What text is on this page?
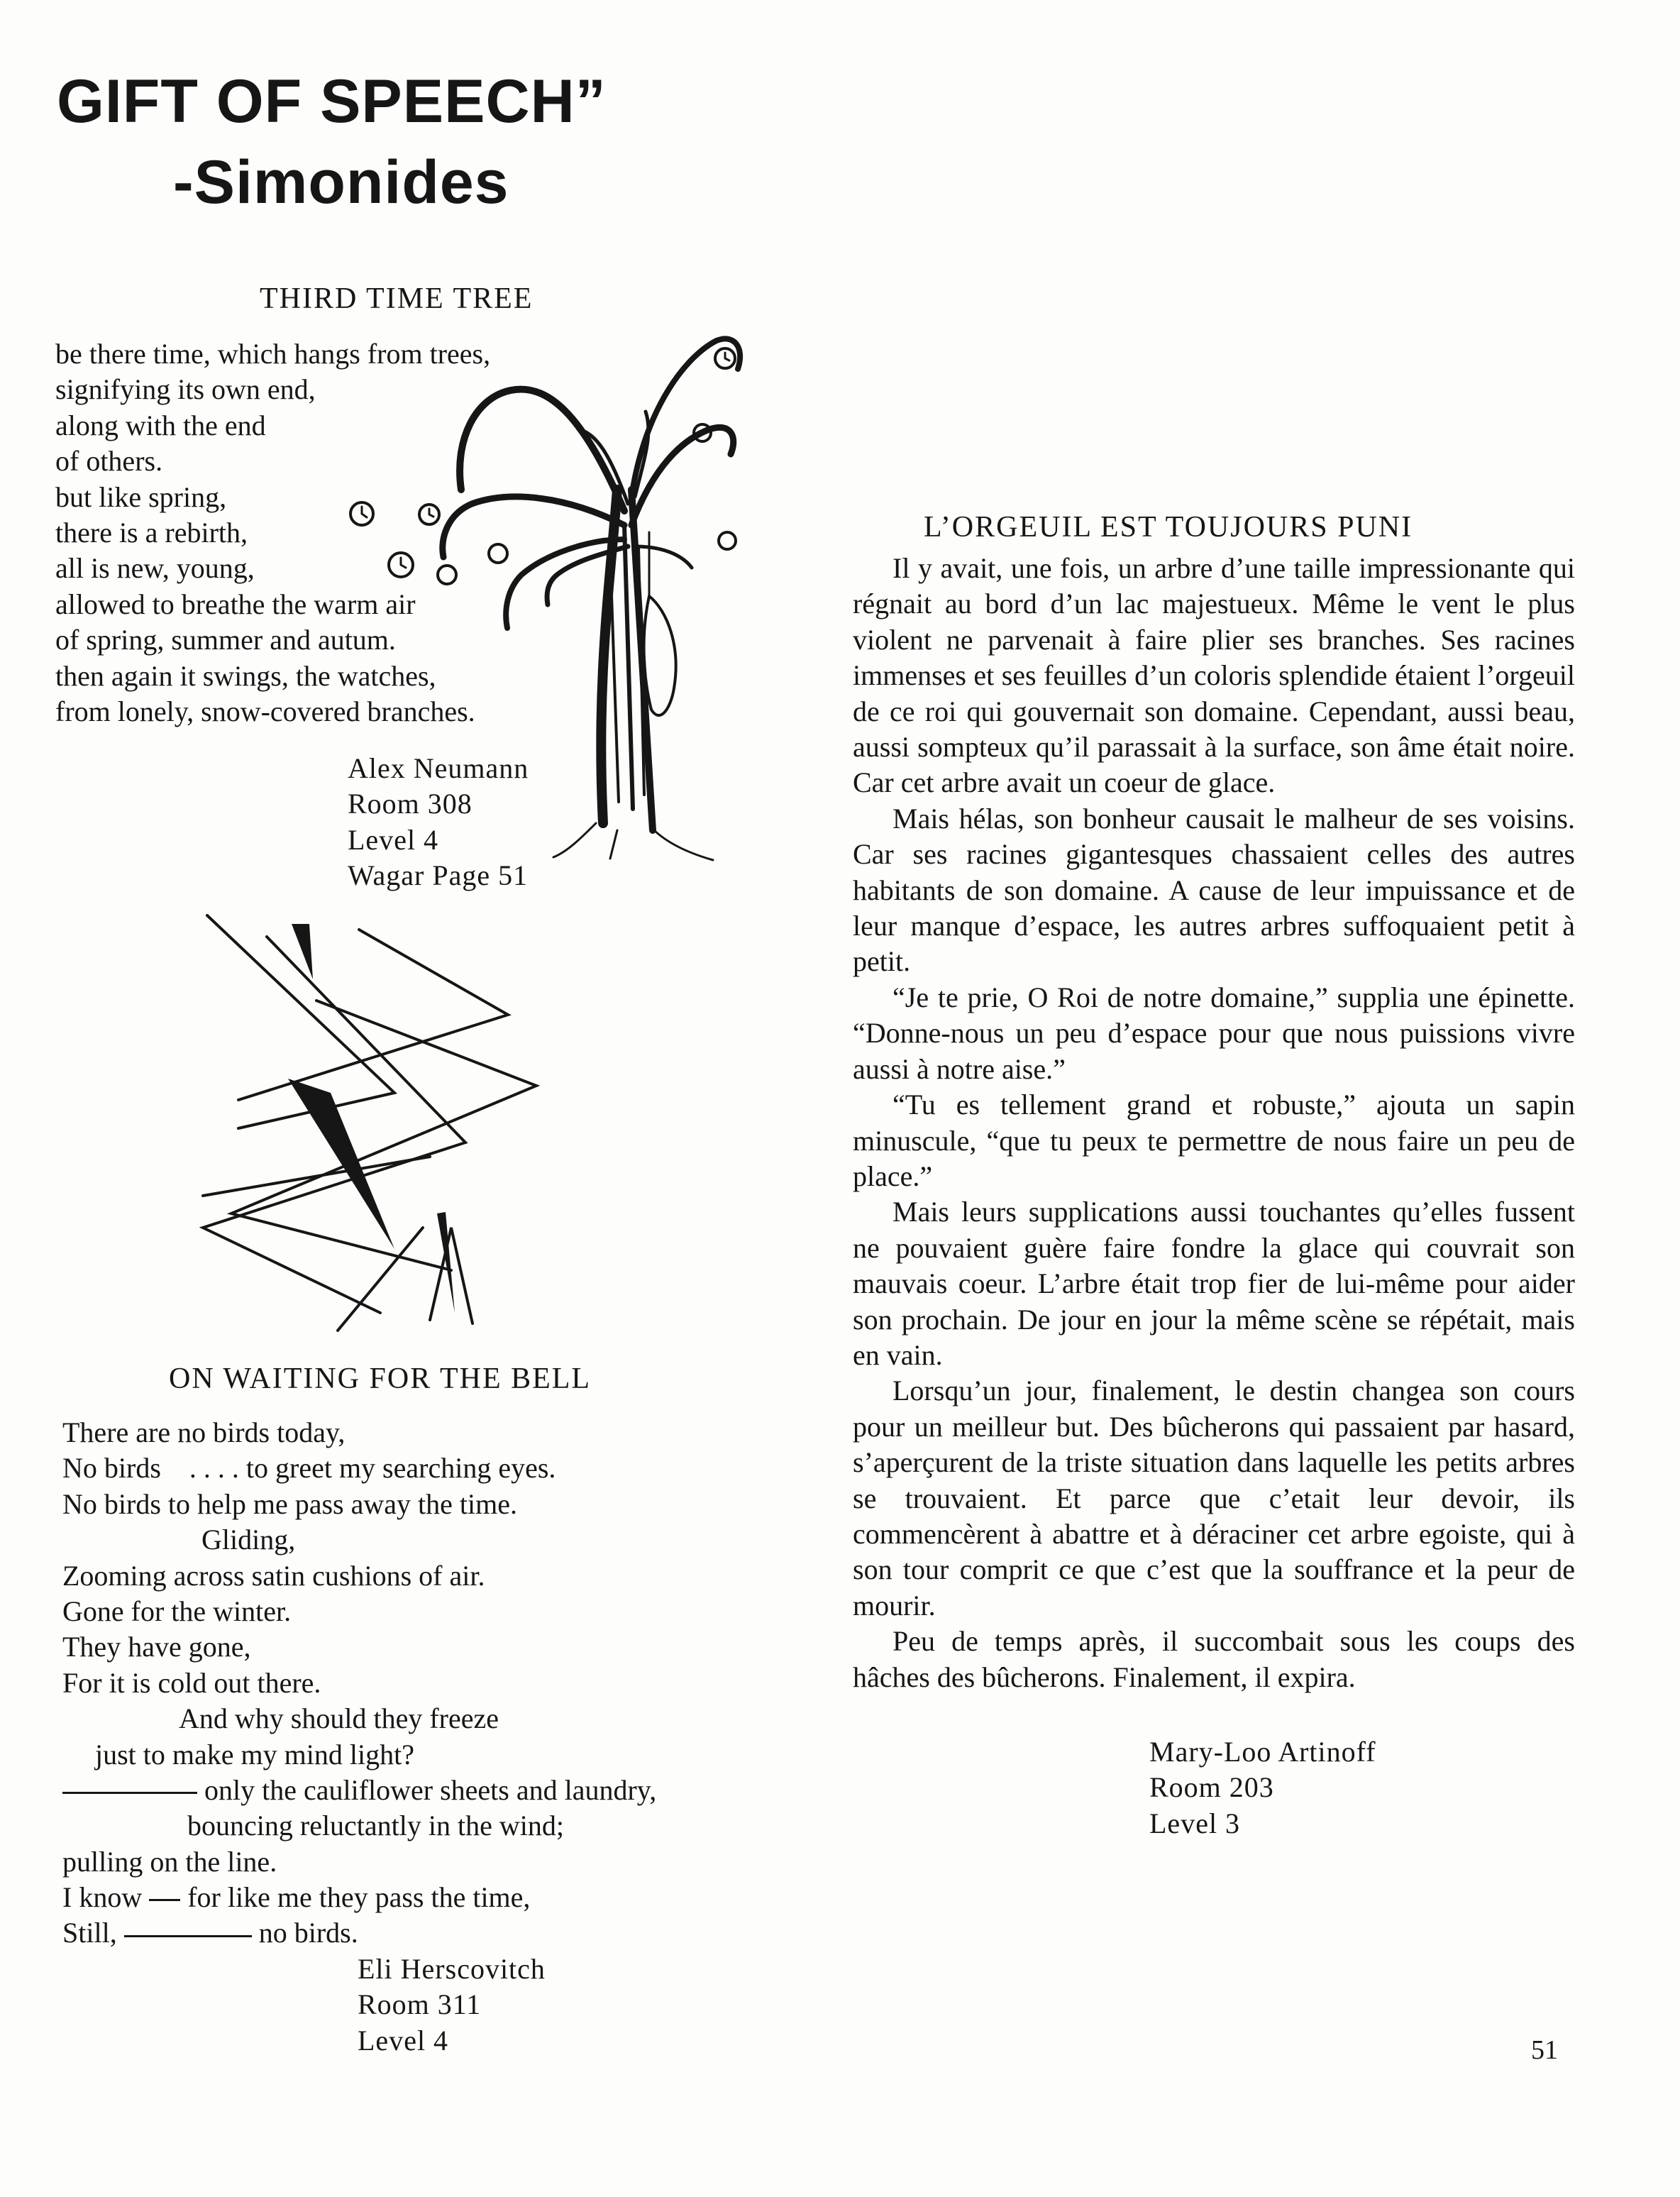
GIFT OF SPEECH”
-Simonides
THIRD TIME TREE
be there time, which hangs from trees,
signifying its own end,
along with the end
of others.
but like spring,
there is a rebirth,
all is new, young,
allowed to breathe the warm air
of spring, summer and autum.
then again it swings, the watches,
from lonely, snow-covered branches.
Alex Neumann
Room 308
Level 4
Wagar Page 51
ON WAITING FOR THE BELL
There are no birds today,
No birds . . . . to greet my searching eyes.
No birds to help me pass away the time.
Gliding,
Zooming across satin cushions of air.
Gone for the winter.
They have gone,
For it is cold out there.
And why should they freeze
just to make my mind light?
only the cauliflower sheets and laundry,
bouncing reluctantly in the wind;
pulling on the line.
I know for like me they pass the time,
Still,	no birds.
Eli Herscovitch
Room 311
Level 4
L’ORGEUIL EST TOUJOURS PUNI

Il y avait, une fois, un arbre d’une taille impressionante qui régnait au bord d’un lac majestueux. Même le vent le plus violent ne parvenait à faire plier ses branches. Ses racines immenses et ses feuilles d’un coloris splendide étaient l’orgeuil de ce roi qui gouvernait son domaine. Cependant, aussi beau, aussi sompteux qu’il parassait à la surface, son âme était noire. Car cet arbre avait un coeur de glace.

Mais hélas, son bonheur causait le malheur de ses voisins. Car ses racines gigantesques chassaient celles des autres habitants de son domaine. A cause de leur impuissance et de leur manque d’espace, les autres arbres suffoquaient petit à petit.

“Je te prie, O Roi de notre domaine,” supplia une épinette. “Donne-nous un peu d’espace pour que nous puissions vivre aussi à notre aise.”

“Tu es tellement grand et robuste,” ajouta un sapin minuscule, “que tu peux te permettre de nous faire un peu de place.”

Mais leurs supplications aussi touchantes qu’elles fussent ne pouvaient guère faire fondre la glace qui couvrait son mauvais coeur. L’arbre était trop fier de lui-même pour aider son prochain. De jour en jour la même scène se répétait, mais en vain.

Lorsqu’un jour, finalement, le destin changea son cours pour un meilleur but. Des bûcherons qui passaient par hasard, s’aperçurent de la triste situation dans laquelle les petits arbres se trouvaient. Et parce que c’etait leur devoir, ils commencèrent à abattre et à déraciner cet arbre egoiste, qui à son tour comprit ce que c’est que la souffrance et la peur de mourir.

Peu de temps après, il succombait sous les coups des hâches des bûcherons. Finalement, il expira.

Mary-Loo Artinoff
Room 203
Level 3
51
